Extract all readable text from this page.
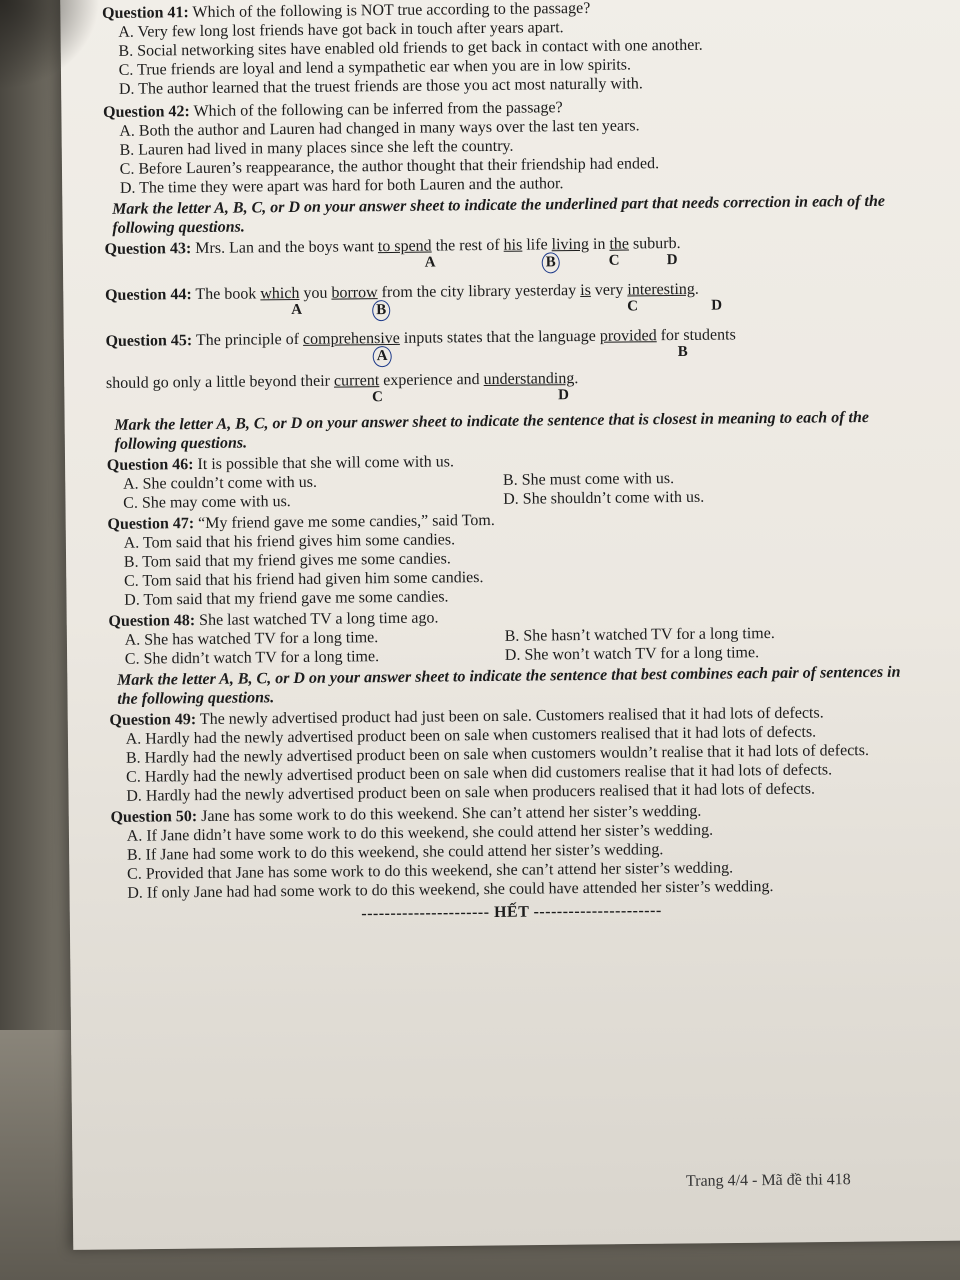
Question 41: Which of the following is NOT true according to the passage?
A. Very few long lost friends have got back in touch after years apart.
B. Social networking sites have enabled old friends to get back in contact with one another.
C. True friends are loyal and lend a sympathetic ear when you are in low spirits.
D. The author learned that the truest friends are those you act most naturally with.
Question 42: Which of the following can be inferred from the passage?
A. Both the author and Lauren had changed in many ways over the last ten years.
B. Lauren had lived in many places since she left the country.
C. Before Lauren’s reappearance, the author thought that their friendship had ended.
D. The time they were apart was hard for both Lauren and the author.
Mark the letter A, B, C, or D on your answer sheet to indicate the underlined part that needs correction in each of the following questions.
Question 43: Mrs. Lan and the boys want to spend the rest of his life living in the suburb.
A	B	C	D
Question 44: The book which you borrow from the city library yesterday is very interesting.
A	B	C	D
Question 45: The principle of comprehensive inputs states that the language provided for students
A	B
should go only a little beyond their current experience and understanding.
C	D
Mark the letter A, B, C, or D on your answer sheet to indicate the sentence that is closest in meaning to each of the following questions.
Question 46: It is possible that she will come with us.
A. She couldn’t come with us.	B. She must come with us.
C. She may come with us.	D. She shouldn’t come with us.
Question 47: “My friend gave me some candies,” said Tom.
A. Tom said that his friend gives him some candies.
B. Tom said that my friend gives me some candies.
C. Tom said that his friend had given him some candies.
D. Tom said that my friend gave me some candies.
Question 48: She last watched TV a long time ago.
A. She has watched TV for a long time.	B. She hasn’t watched TV for a long time.
C. She didn’t watch TV for a long time.	D. She won’t watch TV for a long time.
Mark the letter A, B, C, or D on your answer sheet to indicate the sentence that best combines each pair of sentences in the following questions.
Question 49: The newly advertised product had just been on sale. Customers realised that it had lots of defects.
A. Hardly had the newly advertised product been on sale when customers realised that it had lots of defects.
B. Hardly had the newly advertised product been on sale when customers wouldn’t realise that it had lots of defects.
C. Hardly had the newly advertised product been on sale when did customers realise that it had lots of defects.
D. Hardly had the newly advertised product been on sale when producers realised that it had lots of defects.
Question 50: Jane has some work to do this weekend. She can’t attend her sister’s wedding.
A. If Jane didn’t have some work to do this weekend, she could attend her sister’s wedding.
B. If Jane had some work to do this weekend, she could attend her sister’s wedding.
C. Provided that Jane has some work to do this weekend, she can’t attend her sister’s wedding.
D. If only Jane had had some work to do this weekend, she could have attended her sister’s wedding.
---------------------- HẾT ----------------------
Trang 4/4 - Mã đề thi 418
